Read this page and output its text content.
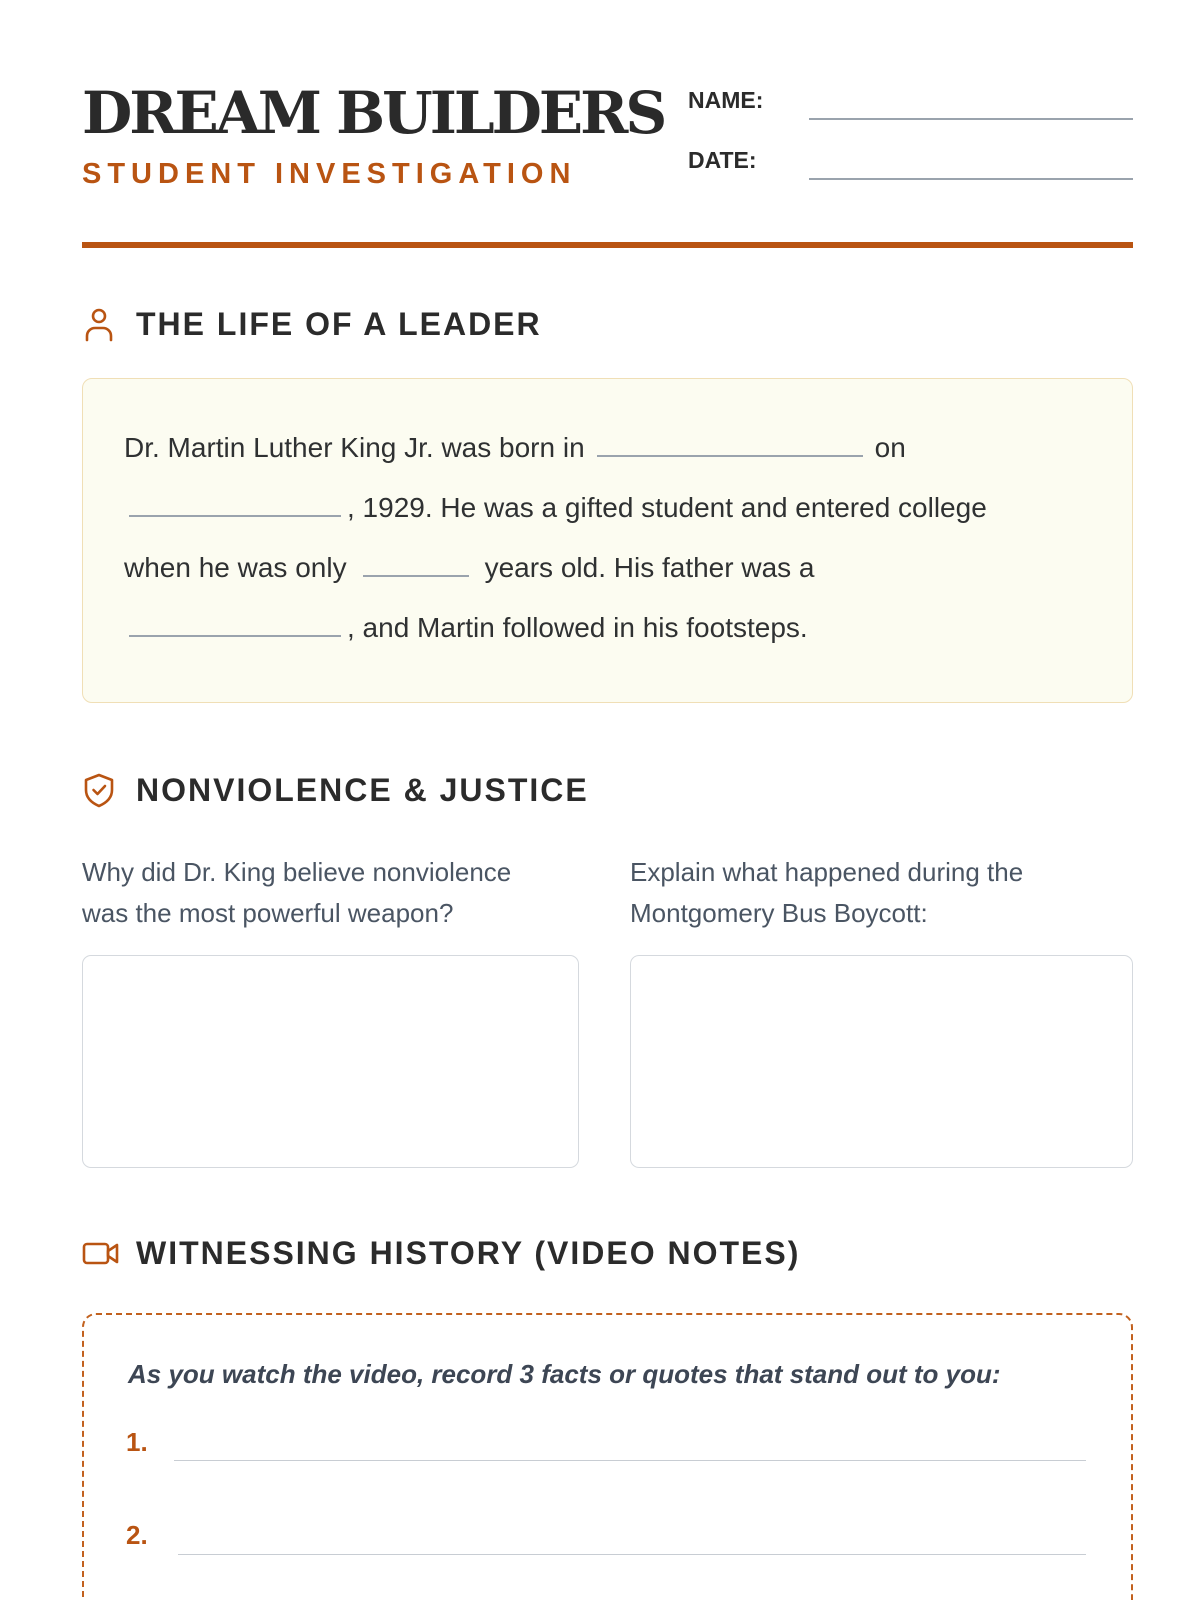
DREAM BUILDERS
STUDENT INVESTIGATION
NAME:
DATE:
THE LIFE OF A LEADER
Dr. Martin Luther King Jr. was born in	on
, 1929. He was a gifted student and entered college
when he was only	years old. His father was a
, and Martin followed in his footsteps.
NONVIOLENCE & JUSTICE
Why did Dr. King believe nonviolence was the most powerful weapon?
Explain what happened during the Montgomery Bus Boycott:
WITNESSING HISTORY (VIDEO NOTES)
As you watch the video, record 3 facts or quotes that stand out to you:
1.
2.
